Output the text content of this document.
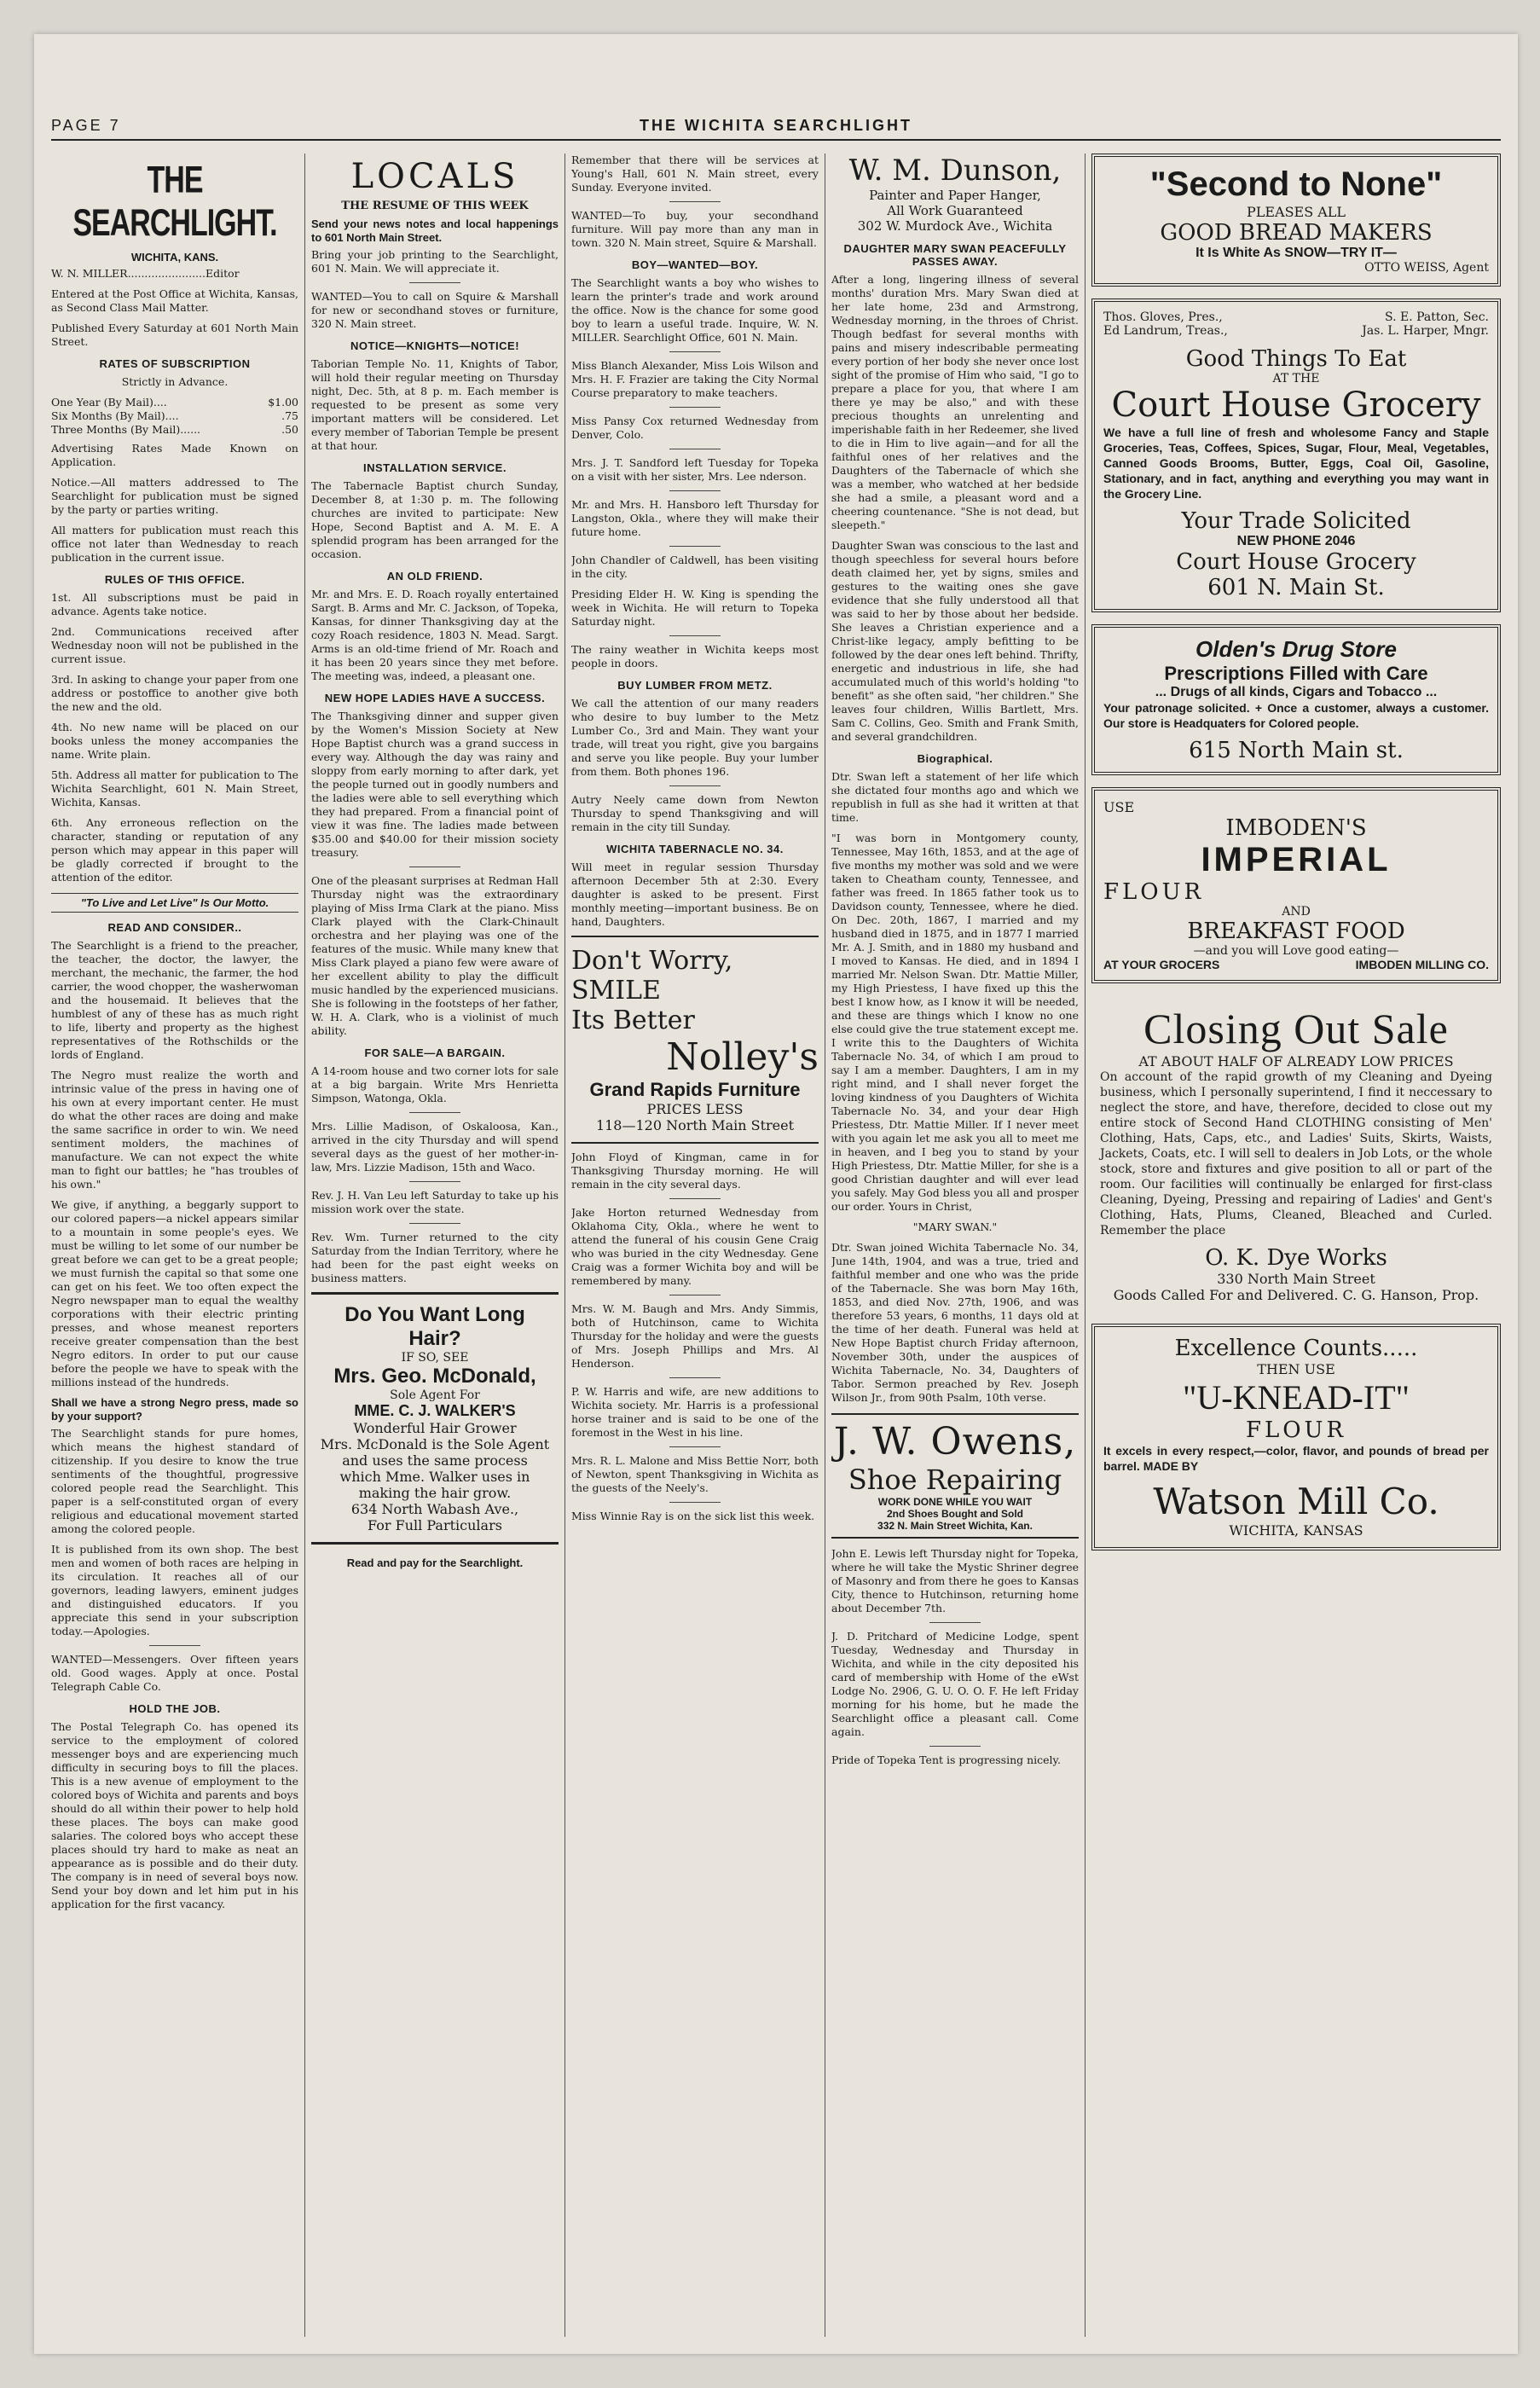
PAGE 7	THE WICHITA SEARCHLIGHT
THE SEARCHLIGHT.
WICHITA, KANS.

W. N. MILLER.......................Editor

Entered at the Post Office at Wichita, Kansas, as Second Class Mail Matter.

Published Every Saturday at 601 North Main Street.

RATES OF SUBSCRIPTION

Strictly in Advance.

One Year (By Mail)....	$1.00
Six Months (By Mail)....	.75
Three Months (By Mail)......	.50

Advertising Rates Made Known on Application.

Notice.—All matters addressed to The Searchlight for publication must be signed by the party or parties writing.

All matters for publication must reach this office not later than Wednesday to reach publication in the current issue.

RULES OF THIS OFFICE.

1st. All subscriptions must be paid in advance. Agents take notice.

2nd. Communications received after Wednesday noon will not be published in the current issue.

3rd. In asking to change your paper from one address or postoffice to another give both the new and the old.

4th. No new name will be placed on our books unless the money accompanies the name. Write plain.

5th. Address all matter for publication to The Wichita Searchlight, 601 N. Main Street, Wichita, Kansas.

6th. Any erroneous reflection on the character, standing or reputation of any person which may appear in this paper will be gladly corrected if brought to the attention of the editor.

"To Live and Let Live" Is Our Motto.
READ AND CONSIDER..

The Searchlight is a friend to the preacher, the teacher, the doctor, the lawyer, the merchant, the mechanic, the farmer, the hod carrier, the wood chopper, the washerwoman and the housemaid. It believes that the humblest of any of these has as much right to life, liberty and property as the highest representatives of the Rothschilds or the lords of England.

The Negro must realize the worth and intrinsic value of the press in having one of his own at every important center. He must do what the other races are doing and make the same sacrifice in order to win. We need sentiment molders, the machines of manufacture. We can not expect the white man to fight our battles; he "has troubles of his own."

We give, if anything, a beggarly support to our colored papers—a nickel appears similar to a mountain in some people's eyes. We must be willing to let some of our number be great before we can get to be a great people; we must furnish the capital so that some one can get on his feet. We too often expect the Negro newspaper man to equal the wealthy corporations with their electric printing presses, and whose meanest reporters receive greater compensation than the best Negro editors. In order to put our cause before the people we have to speak with the millions instead of the hundreds.

Shall we have a strong Negro press, made so by your support?

The Searchlight stands for pure homes, which means the highest standard of citizenship. If you desire to know the true sentiments of the thoughtful, progressive colored people read the Searchlight. This paper is a self-constituted organ of every religious and educational movement started among the colored people.

It is published from its own shop. The best men and women of both races are helping in its circulation. It reaches all of our governors, leading lawyers, eminent judges and distinguished educators. If you appreciate this send in your subscription today.—Apologies.

WANTED—Messengers. Over fifteen years old. Good wages. Apply at once. Postal Telegraph Cable Co.

HOLD THE JOB.

The Postal Telegraph Co. has opened its service to the employment of colored messenger boys and are experiencing much difficulty in securing boys to fill the places. This is a new avenue of employment to the colored boys of Wichita and parents and boys should do all within their power to help hold these places. The boys can make good salaries. The colored boys who accept these places should try hard to make as neat an appearance as is possible and do their duty. The company is in need of several boys now. Send your boy down and let him put in his application for the first vacancy.

LOCALS
THE RESUME OF THIS WEEK

Send your news notes and local happenings to 601 North Main Street.

Bring your job printing to the Searchlight, 601 N. Main. We will appreciate it.

WANTED—You to call on Squire & Marshall for new or secondhand stoves or furniture, 320 N. Main street.

NOTICE—KNIGHTS—NOTICE!

Taborian Temple No. 11, Knights of Tabor, will hold their regular meeting on Thursday night, Dec. 5th, at 8 p. m. Each member is requested to be present as some very important matters will be considered. Let every member of Taborian Temple be present at that hour.

INSTALLATION SERVICE.

The Tabernacle Baptist church Sunday, December 8, at 1:30 p. m. The following churches are invited to participate: New Hope, Second Baptist and A. M. E. A splendid program has been arranged for the occasion.

AN OLD FRIEND.

Mr. and Mrs. E. D. Roach royally entertained Sargt. B. Arms and Mr. C. Jackson, of Topeka, Kansas, for dinner Thanksgiving day at the cozy Roach residence, 1803 N. Mead. Sargt. Arms is an old-time friend of Mr. Roach and it has been 20 years since they met before. The meeting was, indeed, a pleasant one.

NEW HOPE LADIES HAVE A SUCCESS.

The Thanksgiving dinner and supper given by the Women's Mission Society at New Hope Baptist church was a grand success in every way. Although the day was rainy and sloppy from early morning to after dark, yet the people turned out in goodly numbers and the ladies were able to sell everything which they had prepared. From a financial point of view it was fine. The ladies made between $35.00 and $40.00 for their mission society treasury.

One of the pleasant surprises at Redman Hall Thursday night was the extraordinary playing of Miss Irma Clark at the piano. Miss Clark played with the Clark-Chinault orchestra and her playing was one of the features of the music. While many knew that Miss Clark played a piano few were aware of her excellent ability to play the difficult music handled by the experienced musicians. She is following in the footsteps of her father, W. H. A. Clark, who is a violinist of much ability.

FOR SALE—A BARGAIN.

A 14-room house and two corner lots for sale at a big bargain. Write Mrs Henrietta Simpson, Watonga, Okla.

Mrs. Lillie Madison, of Oskaloosa, Kan., arrived in the city Thursday and will spend several days as the guest of her mother-in-law, Mrs. Lizzie Madison, 15th and Waco.

Rev. J. H. Van Leu left Saturday to take up his mission work over the state.

Rev. Wm. Turner returned to the city Saturday from the Indian Territory, where he had been for the past eight weeks on business matters.

Do You Want Long Hair?
IF SO, SEE
Mrs. Geo. McDonald,
Sole Agent For
MME. C. J. WALKER'S
Wonderful Hair Grower
Mrs. McDonald is the Sole Agent and uses the same process which Mme. Walker uses in making the hair grow.
634 North Wabash Ave.,
For Full Particulars

Read and pay for the Searchlight.

Remember that there will be services at Young's Hall, 601 N. Main street, every Sunday. Everyone invited.

WANTED—To buy, your secondhand furniture. Will pay more than any man in town. 320 N. Main street, Squire & Marshall.

BOY—WANTED—BOY.

The Searchlight wants a boy who wishes to learn the printer's trade and work around the office. Now is the chance for some good boy to learn a useful trade. Inquire, W. N. MILLER. Searchlight Office, 601 N. Main.

Miss Blanch Alexander, Miss Lois Wilson and Mrs. H. F. Frazier are taking the City Normal Course preparatory to make teachers.

Miss Pansy Cox returned Wednesday from Denver, Colo.

Mrs. J. T. Sandford left Tuesday for Topeka on a visit with her sister, Mrs. Lee nderson.

Mr. and Mrs. H. Hansboro left Thursday for Langston, Okla., where they will make their future home.

John Chandler of Caldwell, has been visiting in the city.

Presiding Elder H. W. King is spending the week in Wichita. He will return to Topeka Saturday night.

The rainy weather in Wichita keeps most people in doors.

BUY LUMBER FROM METZ.

We call the attention of our many readers who desire to buy lumber to the Metz Lumber Co., 3rd and Main. They want your trade, will treat you right, give you bargains and serve you like people. Buy your lumber from them. Both phones 196.

Autry Neely came down from Newton Thursday to spend Thanksgiving and will remain in the city till Sunday.

WICHITA TABERNACLE NO. 34.

Will meet in regular session Thursday afternoon December 5th at 2:30. Every daughter is asked to be present. First monthly meeting—important business. Be on hand, Daughters.

Don't Worry,
SMILE
Its Better
Nolley's
Grand Rapids Furniture
PRICES LESS
118—120 North Main Street

John Floyd of Kingman, came in for Thanksgiving Thursday morning. He will remain in the city several days.

Jake Horton returned Wednesday from Oklahoma City, Okla., where he went to attend the funeral of his cousin Gene Craig who was buried in the city Wednesday. Gene Craig was a former Wichita boy and will be remembered by many.

Mrs. W. M. Baugh and Mrs. Andy Simmis, both of Hutchinson, came to Wichita Thursday for the holiday and were the guests of Mrs. Joseph Phillips and Mrs. Al Henderson.

P. W. Harris and wife, are new additions to Wichita society. Mr. Harris is a professional horse trainer and is said to be one of the foremost in the West in his line.

Mrs. R. L. Malone and Miss Bettie Norr, both of Newton, spent Thanksgiving in Wichita as the guests of the Neely's.

Miss Winnie Ray is on the sick list this week.

W. M. Dunson,
Painter and Paper Hanger,
All Work Guaranteed
302 W. Murdock Ave., Wichita
DAUGHTER MARY SWAN PEACEFULLY PASSES AWAY.

After a long, lingering illness of several months' duration Mrs. Mary Swan died at her late home, 23d and Armstrong, Wednesday morning, in the throes of Christ. Though bedfast for several months with pains and misery indescribable permeating every portion of her body she never once lost sight of the promise of Him who said, "I go to prepare a place for you, that where I am there ye may be also," and with these precious thoughts an unrelenting and imperishable faith in her Redeemer, she lived to die in Him to live again—and for all the faithful ones of her relatives and the Daughters of the Tabernacle of which she was a member, who watched at her bedside she had a smile, a pleasant word and a cheering countenance. "She is not dead, but sleepeth."

Daughter Swan was conscious to the last and though speechless for several hours before death claimed her, yet by signs, smiles and gestures to the waiting ones she gave evidence that she fully understood all that was said to her by those about her bedside. She leaves a Christian experience and a Christ-like legacy, amply befitting to be followed by the dear ones left behind. Thrifty, energetic and industrious in life, she had accumulated much of this world's holding "to benefit" as she often said, "her children." She leaves four children, Willis Bartlett, Mrs. Sam C. Collins, Geo. Smith and Frank Smith, and several grandchildren.

Biographical.

Dtr. Swan left a statement of her life which she dictated four months ago and which we republish in full as she had it written at that time.

"I was born in Montgomery county, Tennessee, May 16th, 1853, and at the age of five months my mother was sold and we were taken to Cheatham county, Tennessee, and father was freed. In 1865 father took us to Davidson county, Tennessee, where he died. On Dec. 20th, 1867, I married and my husband died in 1875, and in 1877 I married Mr. A. J. Smith, and in 1880 my husband and I moved to Kansas. He died, and in 1894 I married Mr. Nelson Swan. Dtr. Mattie Miller, my High Priestess, I have fixed up this the best I know how, as I know it will be needed, and these are things which I know no one else could give the true statement except me. I write this to the Daughters of Wichita Tabernacle No. 34, of which I am proud to say I am a member. Daughters, I am in my right mind, and I shall never forget the loving kindness of you Daughters of Wichita Tabernacle No. 34, and your dear High Priestess, Dtr. Mattie Miller. If I never meet with you again let me ask you all to meet me in heaven, and I beg you to stand by your High Priestess, Dtr. Mattie Miller, for she is a good Christian daughter and will ever lead you safely. May God bless you all and prosper our order. Yours in Christ,

"MARY SWAN."

Dtr. Swan joined Wichita Tabernacle No. 34, June 14th, 1904, and was a true, tried and faithful member and one who was the pride of the Tabernacle. She was born May 16th, 1853, and died Nov. 27th, 1906, and was therefore 53 years, 6 months, 11 days old at the time of her death. Funeral was held at New Hope Baptist church Friday afternoon, November 30th, under the auspices of Wichita Tabernacle, No. 34, Daughters of Tabor. Sermon preached by Rev. Joseph Wilson Jr., from 90th Psalm, 10th verse.

J. W. Owens,
Shoe Repairing
WORK DONE WHILE YOU WAIT
2nd Shoes Bought and Sold
332 N. Main Street Wichita, Kan.

John E. Lewis left Thursday night for Topeka, where he will take the Mystic Shriner degree of Masonry and from there he goes to Kansas City, thence to Hutchinson, returning home about December 7th.

J. D. Pritchard of Medicine Lodge, spent Tuesday, Wednesday and Thursday in Wichita, and while in the city deposited his card of membership with Home of the eWst Lodge No. 2906, G. U. O. O. F. He left Friday morning for his home, but he made the Searchlight office a pleasant call. Come again.

Pride of Topeka Tent is progressing nicely.

"Second to None"
PLEASES ALL
GOOD BREAD MAKERS
It Is White As SNOW—TRY IT—
OTTO WEISS, Agent
Thos. Gloves, Pres.,	S. E. Patton, Sec.
Ed Landrum, Treas.,	Jas. L. Harper, Mngr.
Good Things To Eat
AT THE
Court House Grocery

We have a full line of fresh and wholesome Fancy and Staple Groceries, Teas, Coffees, Spices, Sugar, Flour, Meal, Vegetables, Canned Goods Brooms, Butter, Eggs, Coal Oil, Gasoline, Stationary, and in fact, anything and everything you may want in the Grocery Line.

Your Trade Solicited
NEW PHONE 2046
Court House Grocery
601 N. Main St.
Olden's Drug Store
Prescriptions Filled with Care
... Drugs of all kinds, Cigars and Tobacco ...

Your patronage solicited. + Once a customer, always a customer. Our store is Headquaters for Colored people.

615 North Main st.
USE
IMBODEN'S
IMPERIAL
FLOUR
AND
BREAKFAST FOOD
—and you will Love good eating—
AT YOUR GROCERS	IMBODEN MILLING CO.
Closing Out Sale
AT ABOUT HALF OF ALREADY LOW PRICES

On account of the rapid growth of my Cleaning and Dyeing business, which I personally superintend, I find it neccessary to neglect the store, and have, therefore, decided to close out my entire stock of Second Hand CLOTHING consisting of Men' Clothing, Hats, Caps, etc., and Ladies' Suits, Skirts, Waists, Jackets, Coats, etc. I will sell to dealers in Job Lots, or the whole stock, store and fixtures and give position to all or part of the room. Our facilities will continually be enlarged for first-class Cleaning, Dyeing, Pressing and repairing of Ladies' and Gent's Clothing, Hats, Plums, Cleaned, Bleached and Curled. Remember the place

O. K. Dye Works
330 North Main Street
Goods Called For and Delivered. C. G. Hanson, Prop.
Excellence Counts.....
THEN USE
"U-KNEAD-IT"
FLOUR

It excels in every respect,—color, flavor, and pounds of bread per barrel. MADE BY

Watson Mill Co.
WICHITA, KANSAS
